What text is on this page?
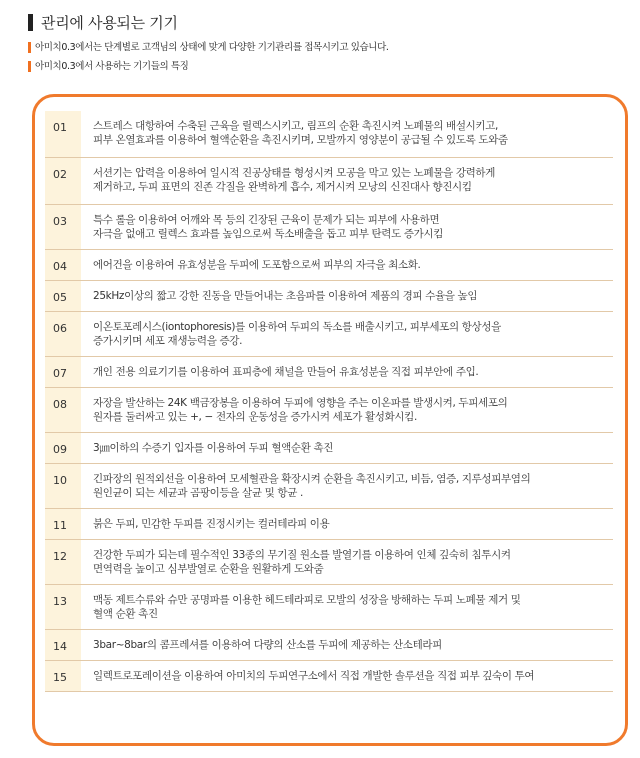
관리에 사용되는 기기
아미치0.3에서는 단계별로 고객님의 상태에 맞게 다양한 기기관리를 접목시키고 있습니다.
아미치0.3에서 사용하는 기기들의 특징
01	스트레스 대항하여 수축된 근육을 릴렉스시키고, 림프의 순환 촉진시켜 노폐물의 배설시키고,
피부 온열효과를 이용하여 혈액순환을 촉진시키며, 모발까지 영양분이 공급될 수 있도록 도와줌
02	서션기는 압력을 이용하여 일시적 진공상태를 형성시켜 모공을 막고 있는 노폐물을 강력하게
제거하고, 두피 표면의 진존 각질을 완벽하게 흡수, 제거시켜 모낭의 신진대사 향진시킴
03	특수 롤을 이용하여 어깨와 목 등의 긴장된 근육이 문제가 되는 피부에 사용하면
자극을 없애고 릴렉스 효과를 높임으로써 독소배출을 돕고 피부 탄력도 증가시킴
04	에어건을 이용하여 유효성분을 두피에 도포함으로써 피부의 자극을 최소화.
05	25kHz이상의 짧고 강한 진동을 만들어내는 초음파를 이용하여 제품의 경피 수율을 높임
06	이온토포레시스(iontophoresis)를 이용하여 두피의 독소를 배출시키고, 피부세포의 항상성을
증가시키며 세포 재생능력을 증강.
07	개인 전용 의료기기를 이용하여 표피층에 채널을 만들어 유효성분을 직접 피부안에 주입.
08	자장을 발산하는 24K 백금장봉을 이용하여 두피에 영향을 주는 이온파를 발생시켜, 두피세포의
원자를 둘러싸고 있는 +, − 전자의 운동성을 증가시켜 세포가 활성화시킴.
09	3㎛이하의 수증기 입자를 이용하여 두피 혈액순환 촉진
10	긴파장의 원적외선을 이용하여 모세혈관을 확장시켜 순환을 촉진시키고, 비듬, 염증, 지루성피부염의
원인균이 되는 세균과 곰팡이등을 살균 및 항균 .
11	붉은 두피, 민감한 두피를 진정시키는 컬러테라피 이용
12	건강한 두피가 되는데 필수적인 33종의 무기질 원소를 발열기를 이용하여 인체 깊숙히 침투시켜
면역력을 높이고 심부발열로 순환을 원활하게 도와줌
13	맥동 제트수류와 슈만 공명파를 이용한 헤드테라피로 모발의 성장을 방해하는 두피 노폐물 제거 및
혈액 순환 촉진
14	3bar~8bar의 콤프레셔를 이용하여 다량의 산소를 두피에 제공하는 산소테라피
15	일렉트로포레이션을 이용하여 아미치의 두피연구소에서 직접 개발한 솔루션을 직접 피부 깊숙이 투여
